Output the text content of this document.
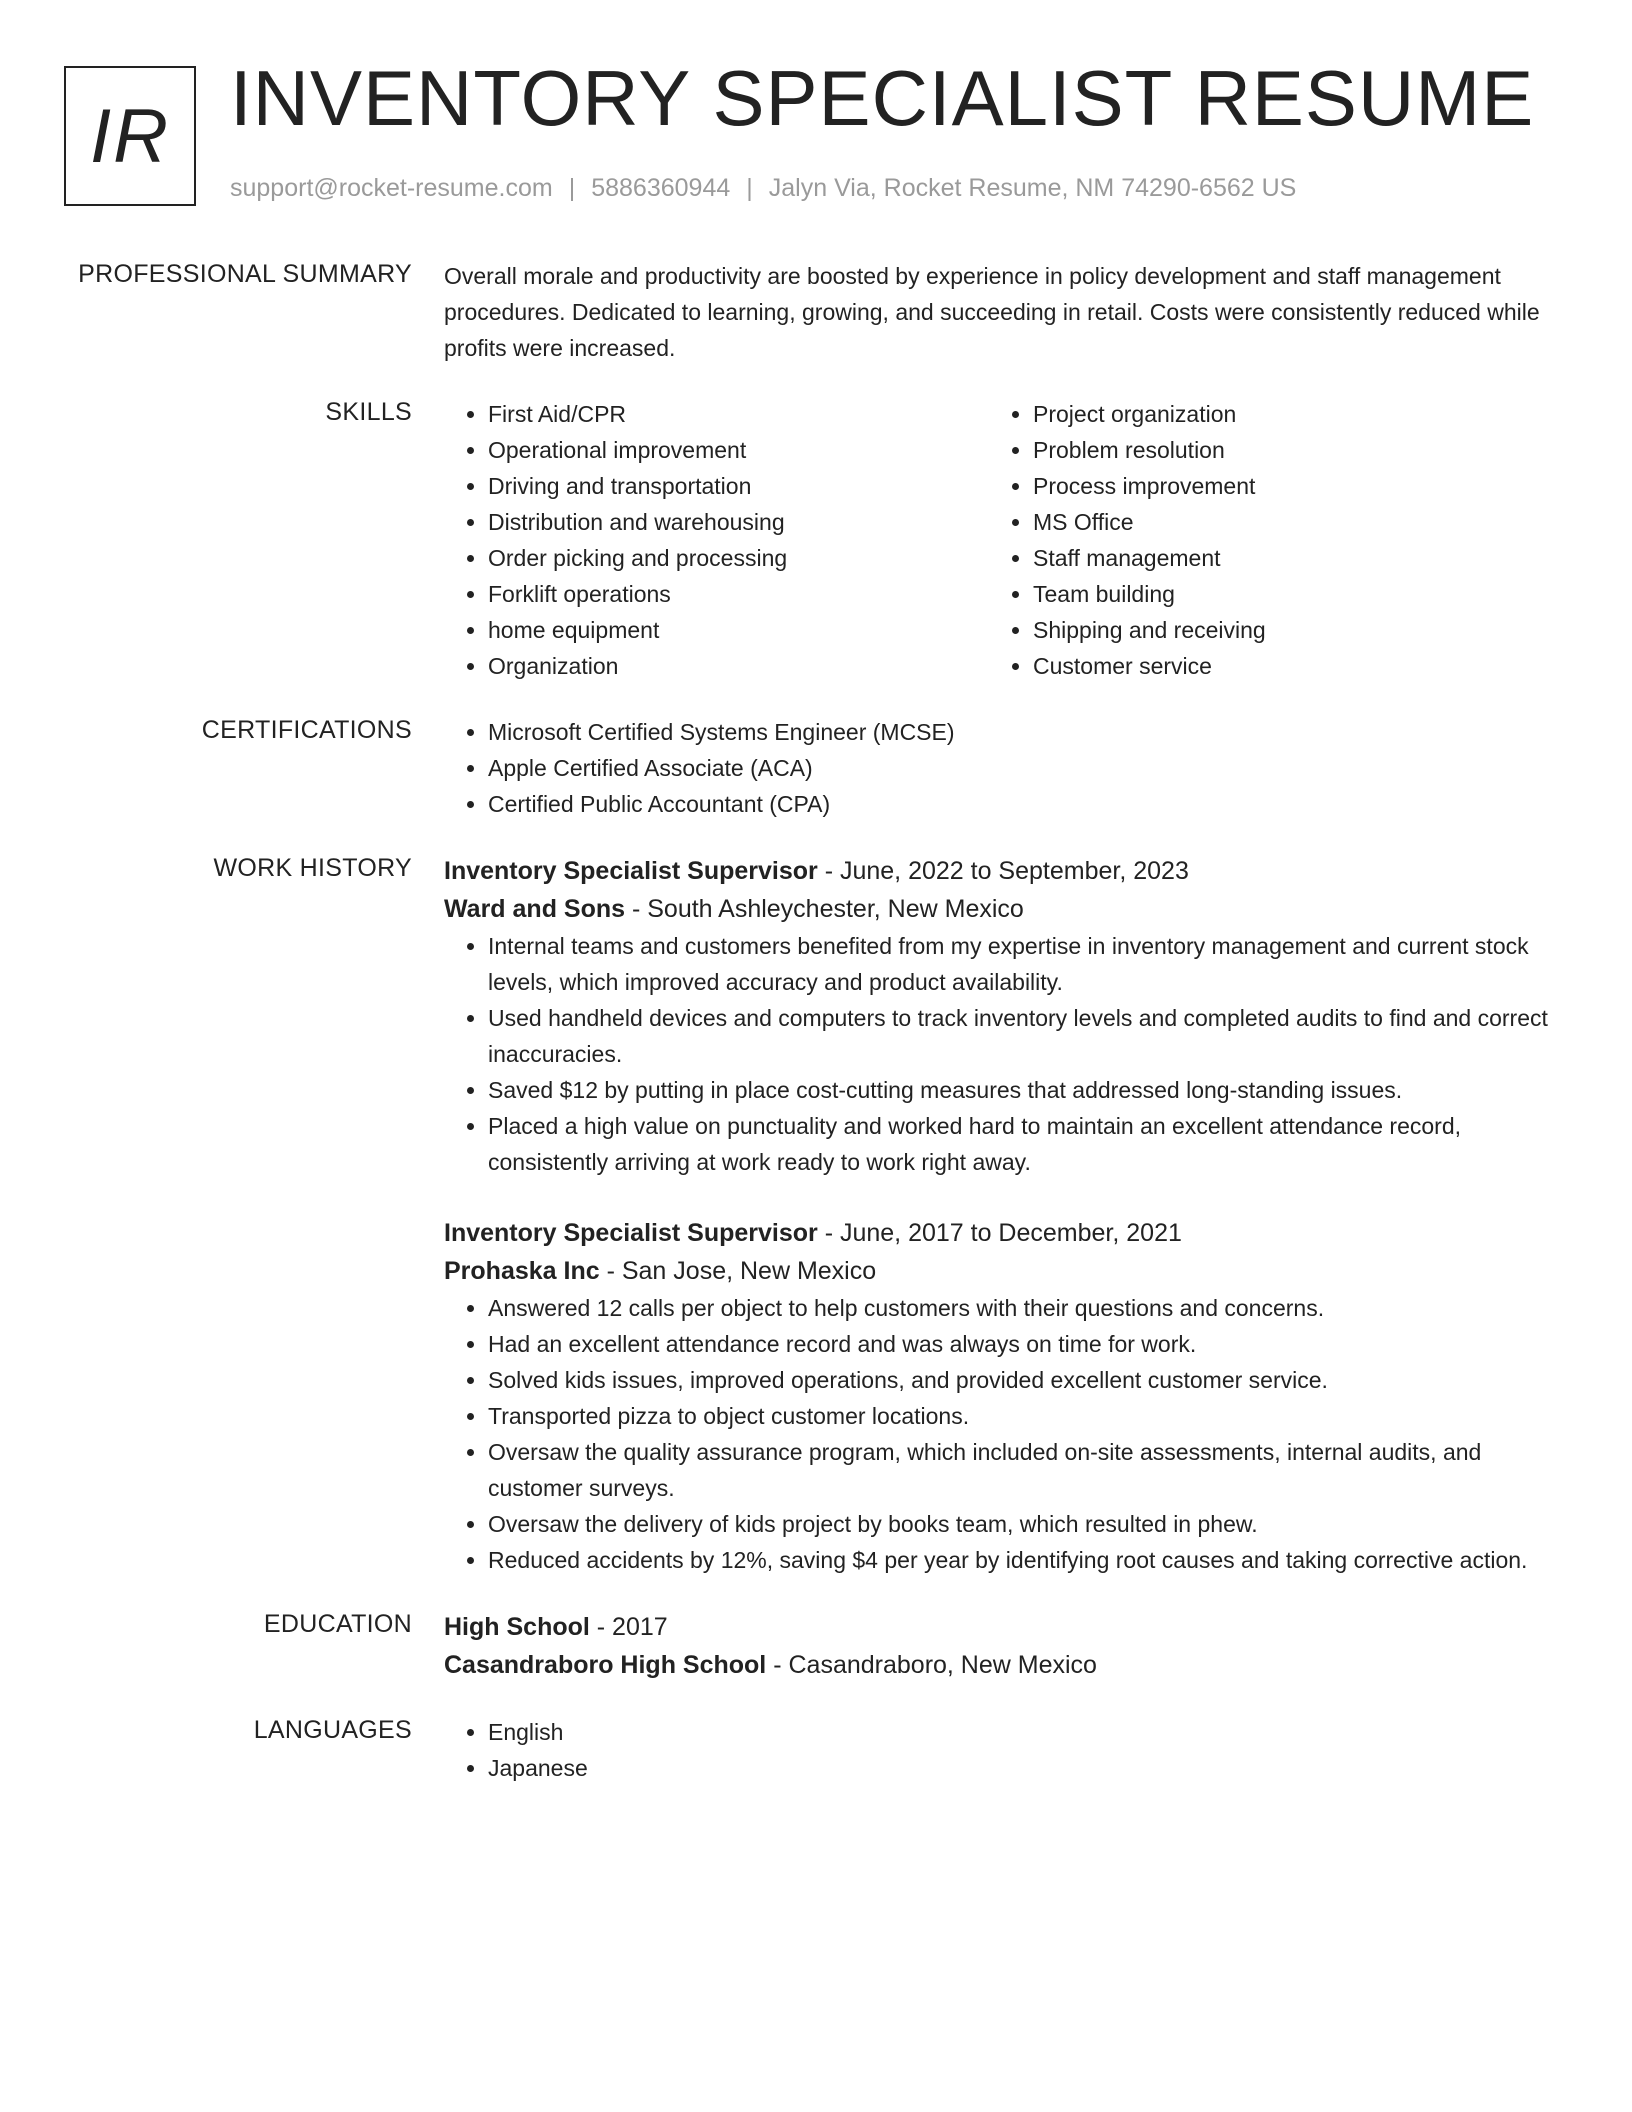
IR INVENTORY SPECIALIST RESUME
support@rocket-resume.com | 5886360944 | Jalyn Via, Rocket Resume, NM 74290-6562 US
PROFESSIONAL SUMMARY Overall morale and productivity are boosted by experience in policy development and staff management procedures. Dedicated to learning, growing, and succeeding in retail. Costs were consistently reduced while profits were increased.
SKILLS	• First Aid/CPR
• Operational improvement
• Driving and transportation
• Distribution and warehousing
• Order picking and processing
• Forklift operations
• home equipment
• Organization
• Project organization
• Problem resolution
• Process improvement
• MS Office
• Staff management
• Team building
• Shipping and receiving
• Customer service
CERTIFICATIONS	• Microsoft Certified Systems Engineer (MCSE)
• Apple Certified Associate (ACA)
• Certified Public Accountant (CPA)
WORK HISTORY Inventory Specialist Supervisor - June, 2022 to September, 2023
Ward and Sons - South Ashleychester, New Mexico
• Internal teams and customers benefited from my expertise in inventory management and current stock levels, which improved accuracy and product availability.
• Used handheld devices and computers to track inventory levels and completed audits to find and correct inaccuracies.
• Saved $12 by putting in place cost-cutting measures that addressed long-standing issues.
• Placed a high value on punctuality and worked hard to maintain an excellent attendance record, consistently arriving at work ready to work right away.
Inventory Specialist Supervisor - June, 2017 to December, 2021
Prohaska Inc - San Jose, New Mexico
• Answered 12 calls per object to help customers with their questions and concerns.
• Had an excellent attendance record and was always on time for work.
• Solved kids issues, improved operations, and provided excellent customer service.
• Transported pizza to object customer locations.
• Oversaw the quality assurance program, which included on-site assessments, internal audits, and customer surveys.
• Oversaw the delivery of kids project by books team, which resulted in phew.
• Reduced accidents by 12%, saving $4 per year by identifying root causes and taking corrective action.
EDUCATION High School - 2017
Casandraboro High School - Casandraboro, New Mexico
LANGUAGES	• English
• Japanese
